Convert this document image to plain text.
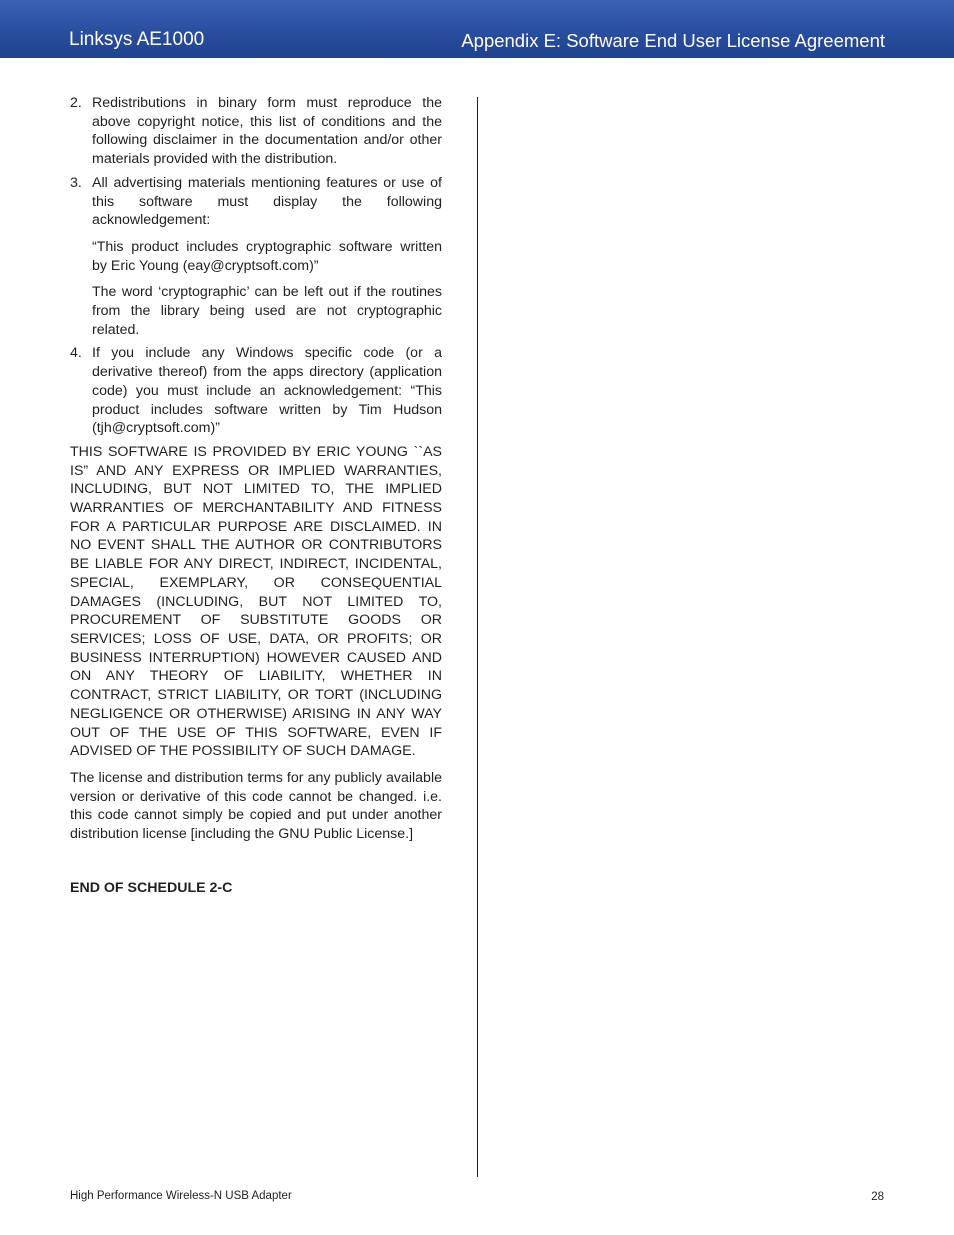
Linksys AE1000	Appendix E: Software End User License Agreement
2. Redistributions in binary form must reproduce the above copyright notice, this list of conditions and the following disclaimer in the documentation and/or other materials provided with the distribution.

3. All advertising materials mentioning features or use of this software must display the following acknowledgement:

“This product includes cryptographic software written by Eric Young (eay@cryptsoft.com)”

The word ‘cryptographic’ can be left out if the routines from the library being used are not cryptographic related.

4. If you include any Windows specific code (or a derivative thereof) from the apps directory (application code) you must include an acknowledgement: “This product includes software written by Tim Hudson (tjh@cryptsoft.com)”

THIS SOFTWARE IS PROVIDED BY ERIC YOUNG ``AS IS” AND ANY EXPRESS OR IMPLIED WARRANTIES, INCLUDING, BUT NOT LIMITED TO, THE IMPLIED WARRANTIES OF MERCHANTABILITY AND FITNESS FOR A PARTICULAR PURPOSE ARE DISCLAIMED. IN NO EVENT SHALL THE AUTHOR OR CONTRIBUTORS BE LIABLE FOR ANY DIRECT, INDIRECT, INCIDENTAL, SPECIAL, EXEMPLARY, OR CONSEQUENTIAL DAMAGES (INCLUDING, BUT NOT LIMITED TO, PROCUREMENT OF SUBSTITUTE GOODS OR SERVICES; LOSS OF USE, DATA, OR PROFITS; OR BUSINESS INTERRUPTION) HOWEVER CAUSED AND ON ANY THEORY OF LIABILITY, WHETHER IN CONTRACT, STRICT LIABILITY, OR TORT (INCLUDING NEGLIGENCE OR OTHERWISE) ARISING IN ANY WAY OUT OF THE USE OF THIS SOFTWARE, EVEN IF ADVISED OF THE POSSIBILITY OF SUCH DAMAGE.

The license and distribution terms for any publicly available version or derivative of this code cannot be changed. i.e. this code cannot simply be copied and put under another distribution license [including the GNU Public License.]

END OF SCHEDULE 2-C
High Performance Wireless-N USB Adapter	28
